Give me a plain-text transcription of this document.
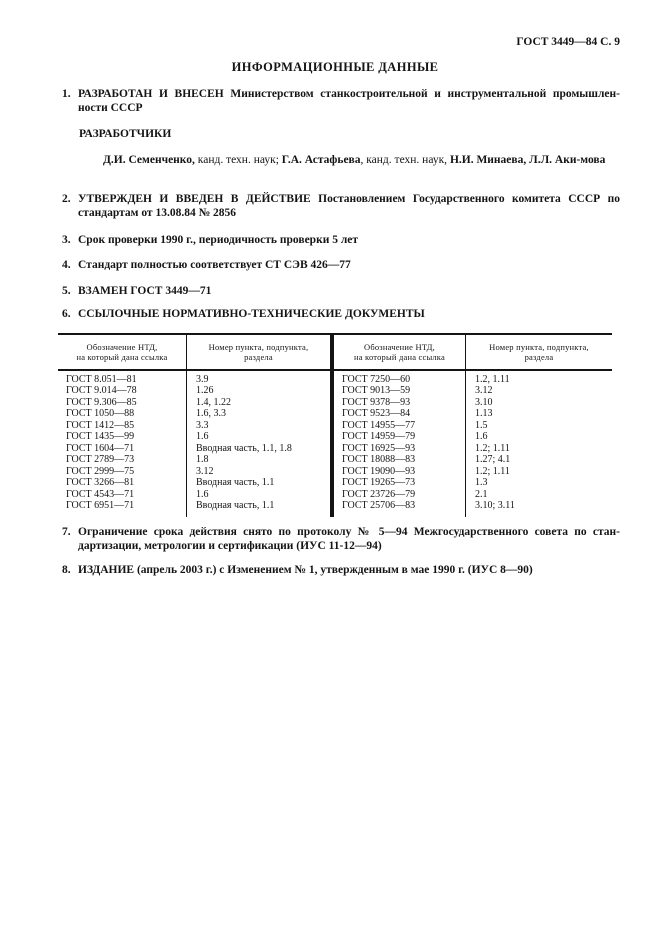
ГОСТ 3449—84 С. 9
ИНФОРМАЦИОННЫЕ ДАННЫЕ
1. РАЗРАБОТАН И ВНЕСЕН Министерством станкостроительной и инструментальной промышлен-ности СССР
РАЗРАБОТЧИКИ
Д.И. Семенченко, канд. техн. наук; Г.А. Астафьева, канд. техн. наук, Н.И. Минаева, Л.Л. Аки-мова
2. УТВЕРЖДЕН И ВВЕДЕН В ДЕЙСТВИЕ Постановлением Государственного комитета СССР по стандартам от 13.08.84 № 2856
3. Срок проверки 1990 г., периодичность проверки 5 лет
4. Стандарт полностью соответствует СТ СЭВ 426—77
5. ВЗАМЕН ГОСТ 3449—71
6. ССЫЛОЧНЫЕ НОРМАТИВНО-ТЕХНИЧЕСКИЕ ДОКУМЕНТЫ
Обозначение НТД,
на который дана ссылка
Номер пункта, подпункта,
раздела
ГОСТ 8.051—81
ГОСТ 9.014—78
ГОСТ 9.306—85
ГОСТ 1050—88
ГОСТ 1412—85
ГОСТ 1435—99
ГОСТ 1604—71
ГОСТ 2789—73
ГОСТ 2999—75
ГОСТ 3266—81
ГОСТ 4543—71
ГОСТ 6951—71
3.9
1.26
1.4, 1.22
1.6, 3.3
3.3
1.6
Вводная часть, 1.1, 1.8
1.8
3.12
Вводная часть, 1.1
1.6
Вводная часть, 1.1
Обозначение НТД,
на который дана ссылка
Номер пункта, подпункта,
раздела
ГОСТ 7250—60
ГОСТ 9013—59
ГОСТ 9378—93
ГОСТ 9523—84
ГОСТ 14955—77
ГОСТ 14959—79
ГОСТ 16925—93
ГОСТ 18088—83
ГОСТ 19090—93
ГОСТ 19265—73
ГОСТ 23726—79
ГОСТ 25706—83
1.2, 1.11
3.12
3.10
1.13
1.5
1.6
1.2; 1.11
1.27; 4.1
1.2; 1.11
1.3
2.1
3.10; 3.11
7. Ограничение срока действия снято по протоколу № 5—94 Межгосударственного совета по стан-дартизации, метрологии и сертификации (ИУС 11-12—94)
8. ИЗДАНИЕ (апрель 2003 г.) с Изменением № 1, утвержденным в мае 1990 г. (ИУС 8—90)
